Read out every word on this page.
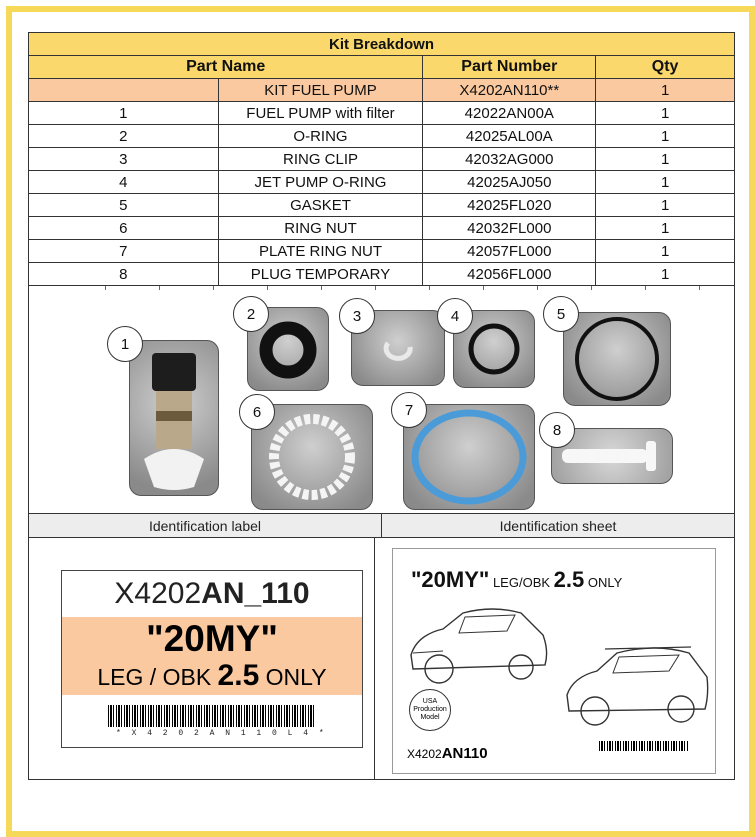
Kit Breakdown			
Part Name		Part Number	Qty
	KIT FUEL PUMP	X4202AN110**	1
1	FUEL PUMP with filter	42022AN00A	1
2	O-RING	42025AL00A	1
3	RING CLIP	42032AG000	1
4	JET PUMP O-RING	42025AJ050	1
5	GASKET	42025FL020	1
6	RING NUT	42032FL000	1
7	PLATE RING NUT	42057FL000	1
8	PLUG TEMPORARY	42056FL000	1
1
2	3	4	5
6	7
8
Identification label	Identification sheet
X4202 AN_110
"20MY"
LEG / OBK 2.5 ONLY
* X 4 2 0 2 A N 1 1 0 L 4 *
"20MY" LEG/OBK 2.5 ONLY
USA Production Model
X4202AN110
